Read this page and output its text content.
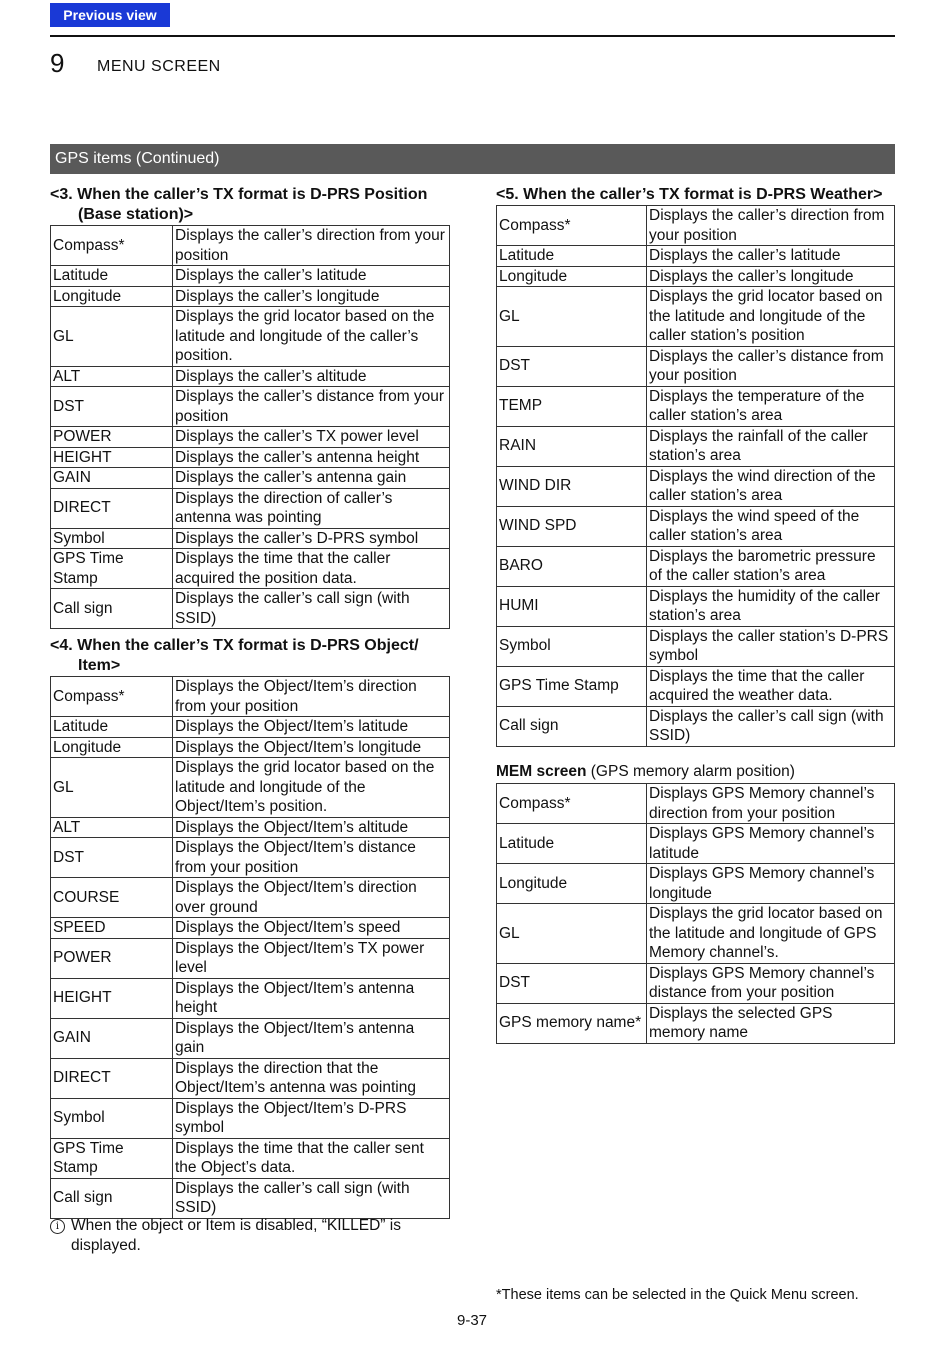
Previous view
9 MENU SCREEN
GPS items (Continued)
<3. When the caller’s TX format is D-PRS Position
(Base station)>
Compass*	Displays the caller’s direction from your position
Latitude	Displays the caller’s latitude
Longitude	Displays the caller’s longitude
GL	Displays the grid locator based on the latitude and longitude of the caller’s position.
ALT	Displays the caller’s altitude
DST	Displays the caller’s distance from your position
POWER	Displays the caller’s TX power level
HEIGHT	Displays the caller’s antenna height
GAIN	Displays the caller’s antenna gain
DIRECT	Displays the direction of caller’s antenna was pointing
Symbol	Displays the caller’s D-PRS symbol
GPS Time Stamp	Displays the time that the caller acquired the position data.
Call sign	Displays the caller’s call sign (with SSID)
<4. When the caller’s TX format is D-PRS Object/
Item>
Compass*	Displays the Object/Item’s direction from your position
Latitude	Displays the Object/Item’s latitude
Longitude	Displays the Object/Item’s longitude
GL	Displays the grid locator based on the latitude and longitude of the Object/Item’s position.
ALT	Displays the Object/Item’s altitude
DST	Displays the Object/Item’s distance from your position
COURSE	Displays the Object/Item’s direction over ground
SPEED	Displays the Object/Item’s speed
POWER	Displays the Object/Item’s TX power level
HEIGHT	Displays the Object/Item’s antenna height
GAIN	Displays the Object/Item’s antenna gain
DIRECT	Displays the direction that the Object/Item’s antenna was pointing
Symbol	Displays the Object/Item’s D-PRS symbol
GPS Time Stamp	Displays the time that the caller sent the Object’s data.
Call sign	Displays the caller’s call sign (with SSID)
i When the object or Item is disabled, “KILLED” is displayed.
<5. When the caller’s TX format is D-PRS Weather>
Compass*	Displays the caller’s direction from your position
Latitude	Displays the caller’s latitude
Longitude	Displays the caller’s longitude
GL	Displays the grid locator based on the latitude and longitude of the caller station’s position
DST	Displays the caller’s distance from your position
TEMP	Displays the temperature of the caller station’s area
RAIN	Displays the rainfall of the caller station’s area
WIND DIR	Displays the wind direction of the caller station’s area
WIND SPD	Displays the wind speed of the caller station’s area
BARO	Displays the barometric pressure of the caller station’s area
HUMI	Displays the humidity of the caller station’s area
Symbol	Displays the caller station’s D-PRS symbol
GPS Time Stamp	Displays the time that the caller acquired the weather data.
Call sign	Displays the caller’s call sign (with SSID)
MEM screen (GPS memory alarm position)
Compass*	Displays GPS Memory channel’s direction from your position
Latitude	Displays GPS Memory channel’s latitude
Longitude	Displays GPS Memory channel’s longitude
GL	Displays the grid locator based on the latitude and longitude of GPS Memory channel’s.
DST	Displays GPS Memory channel’s distance from your position
GPS memory name*	Displays the selected GPS memory name
*These items can be selected in the Quick Menu screen.
9-37
